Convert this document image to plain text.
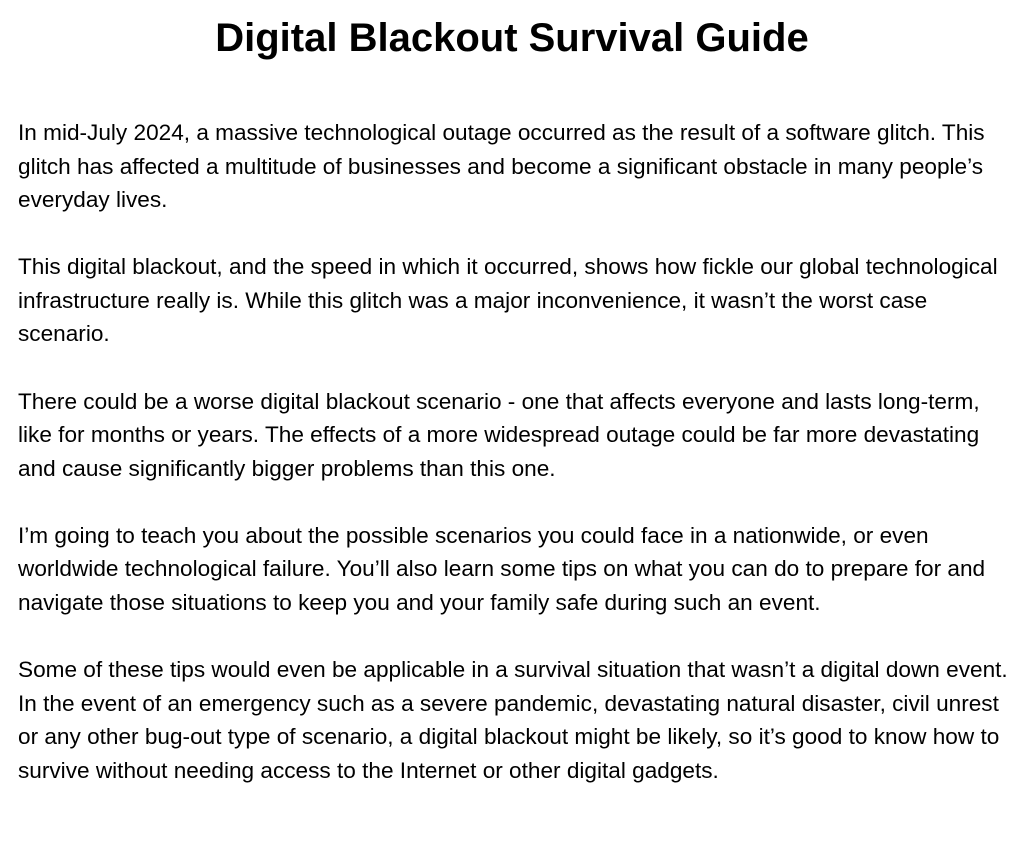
Digital Blackout Survival Guide

In mid-July 2024, a massive technological outage occurred as the result of a software glitch. This glitch has affected a multitude of businesses and become a significant obstacle in many people’s everyday lives.

This digital blackout, and the speed in which it occurred, shows how fickle our global technological infrastructure really is. While this glitch was a major inconvenience, it wasn’t the worst case scenario.

There could be a worse digital blackout scenario - one that affects everyone and lasts long-term, like for months or years. The effects of a more widespread outage could be far more devastating and cause significantly bigger problems than this one.

I’m going to teach you about the possible scenarios you could face in a nationwide, or even worldwide technological failure. You’ll also learn some tips on what you can do to prepare for and navigate those situations to keep you and your family safe during such an event.

Some of these tips would even be applicable in a survival situation that wasn’t a digital down event. In the event of an emergency such as a severe pandemic, devastating natural disaster, civil unrest or any other bug-out type of scenario, a digital blackout might be likely, so it’s good to know how to survive without needing access to the Internet or other digital gadgets.
